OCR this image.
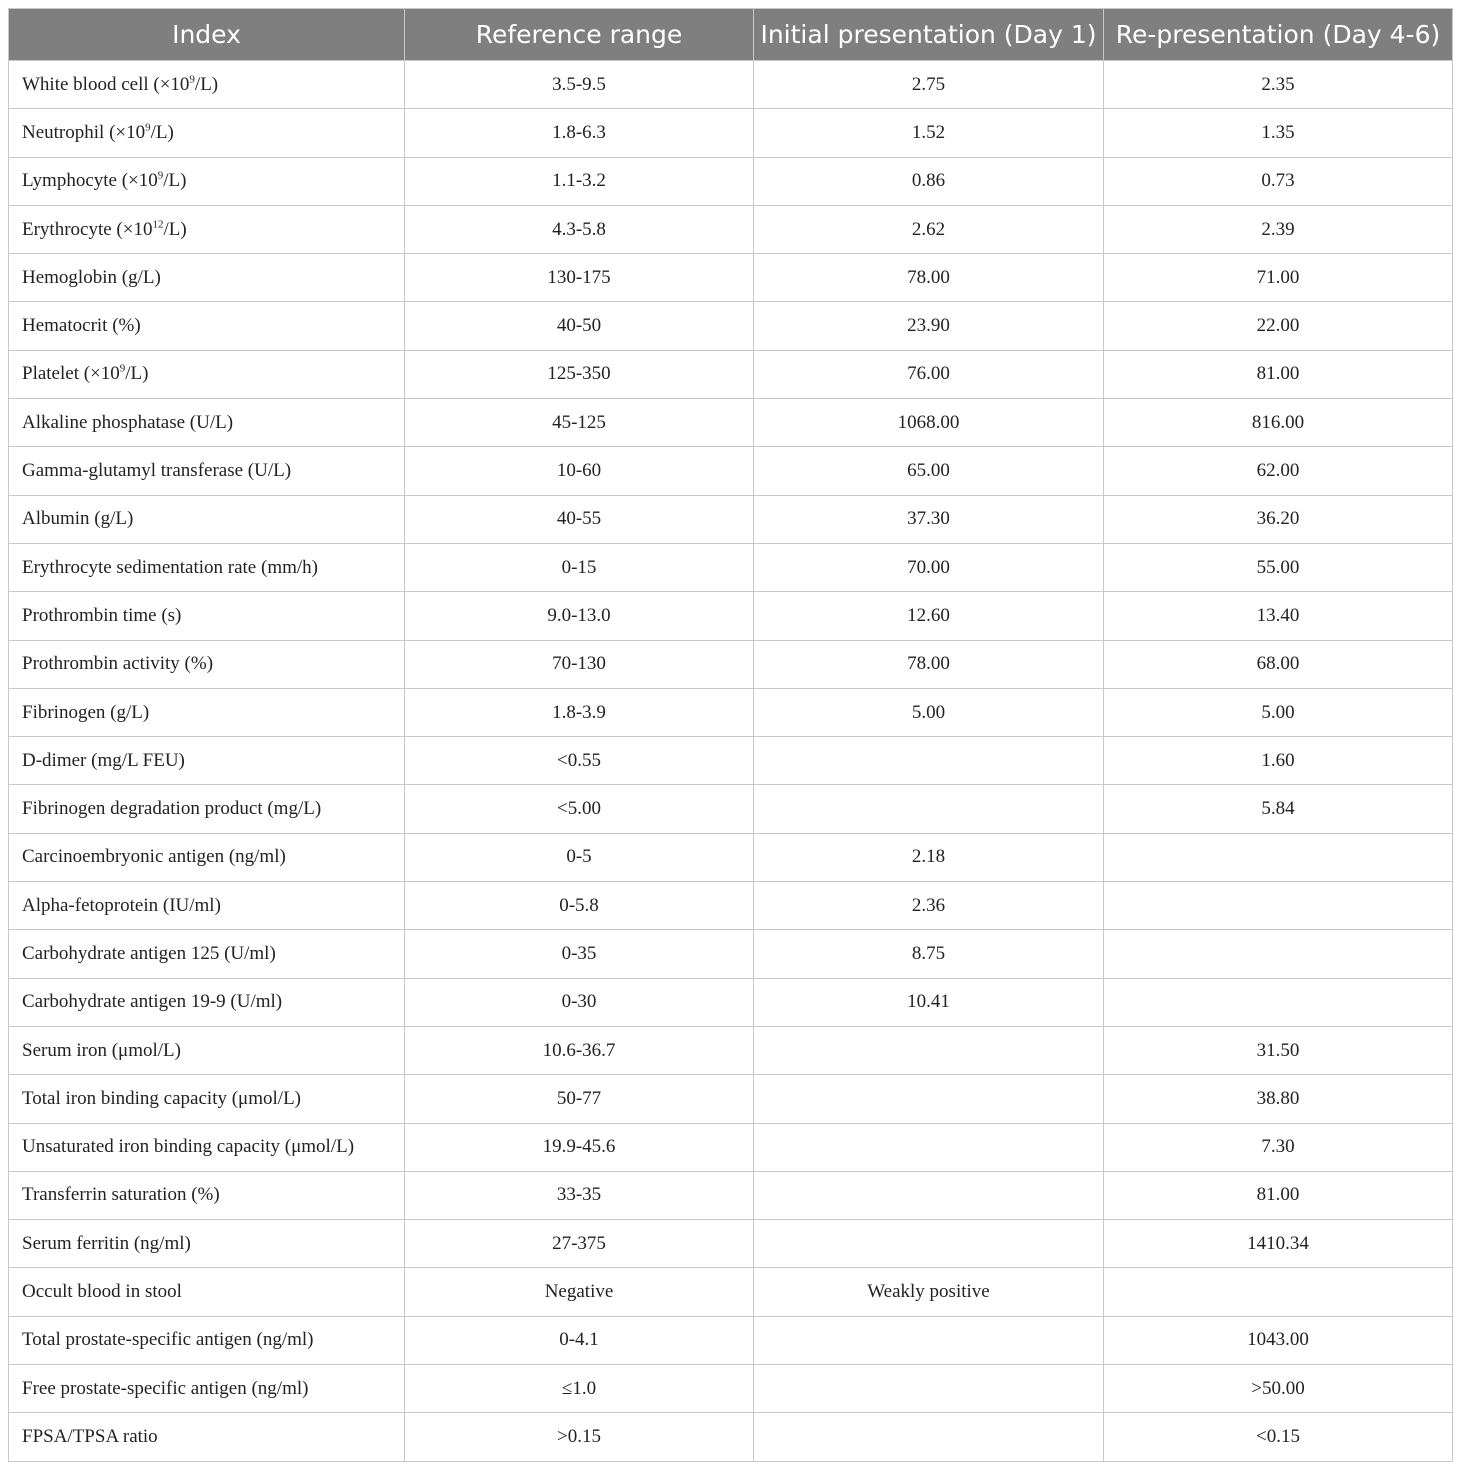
Index	Reference range	Initial presentation (Day 1)	Re-presentation (Day 4-6)
White blood cell $(\times 10^9/L)$	3.5-9.5	2.75	2.35
Neutrophil $(\times 10^9/L)$	1.8-6.3	1.52	1.35
Lymphocyte $(\times 10^9/L)$	1.1-3.2	0.86	0.73
Erythrocyte $(\times 10^{12}/L)$	4.3-5.8	2.62	2.39
Hemoglobin (g/L)	130-175	78.00	71.00
Hematocrit (%)	40-50	23.90	22.00
Platelet $(\times 10^9/L)$	125-350	76.00	81.00
Alkaline phosphatase (U/L)	45-125	1068.00	816.00
Gamma-glutamyl transferase (U/L)	10-60	65.00	62.00
Albumin (g/L)	40-55	37.30	36.20
Erythrocyte sedimentation rate (mm/h)	0-15	70.00	55.00
Prothrombin time (s)	9.0-13.0	12.60	13.40
Prothrombin activity (%)	70-130	78.00	68.00
Fibrinogen (g/L)	1.8-3.9	5.00	5.00
D-dimer (mg/L FEU)	<0.55		1.60
Fibrinogen degradation product (mg/L)	<5.00		5.84
Carcinoembryonic antigen (ng/ml)	0-5	2.18	
Alpha-fetoprotein (IU/ml)	0-5.8	2.36	
Carbohydrate antigen 125 (U/ml)	0-35	8.75	
Carbohydrate antigen 19-9 (U/ml)	0-30	10.41	
Serum iron (μmol/L)	10.6-36.7		31.50
Total iron binding capacity (μmol/L)	50-77		38.80
Unsaturated iron binding capacity (μmol/L)	19.9-45.6		7.30
Transferrin saturation (%)	33-35		81.00
Serum ferritin (ng/ml)	27-375		1410.34
Occult blood in stool	Negative	Weakly positive	
Total prostate-specific antigen (ng/ml)	0-4.1		1043.00
Free prostate-specific antigen (ng/ml)	≤1.0		>50.00
FPSA/TPSA ratio	>0.15		<0.15
